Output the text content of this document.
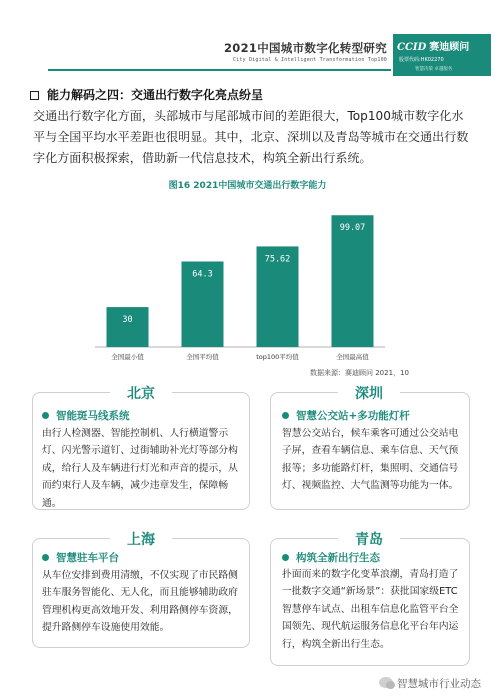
2021中国城市数字化转型研究
City Digital & Intelligent Transformation Top100
CCID 赛迪顾问
股票代码:HK02270
智慧决策 卓越服务
能力解码之四：交通出行数字化亮点纷呈
交通出行数字化方面，头部城市与尾部城市间的差距很大，Top100城市数字化水平与全国平均水平差距也很明显。其中，北京、深圳以及青岛等城市在交通出行数字化方面积极探索，借助新一代信息技术，构筑全新出行系统。
图16 2021中国城市交通出行数字能力
30
全国最小值
64.3
全国平均值
75.62
top100平均值
99.07
全国最高值
数据来源：赛迪顾问 2021，10
北京
智能斑马线系统
由行人检测器、智能控制机、人行横道警示灯、闪光警示道钉、过街辅助补光灯等部分构成，给行人及车辆进行灯光和声音的提示，从而约束行人及车辆，减少违章发生，保障畅通。
深圳
智慧公交站+多功能灯杆
智慧公交站台，候车乘客可通过公交站电子屏，查看车辆信息、乘车信息、天气预报等；多功能路灯杆，集照明、交通信号灯、视频监控、大气监测等功能为一体。
上海
智慧驻车平台
从车位安排到费用清缴，不仅实现了市民路侧驻车服务智能化、无人化，而且能够辅助政府管理机构更高效地开发、利用路侧停车资源，提升路侧停车设施使用效能。
青岛
构筑全新出行生态
扑面而来的数字化变革浪潮，青岛打造了一批数字交通“新场景”：获批国家级ETC智慧停车试点、出租车信息化监管平台全国领先、现代航运服务信息化平台年内运行，构筑全新出行生态。
智慧城市行业动态
